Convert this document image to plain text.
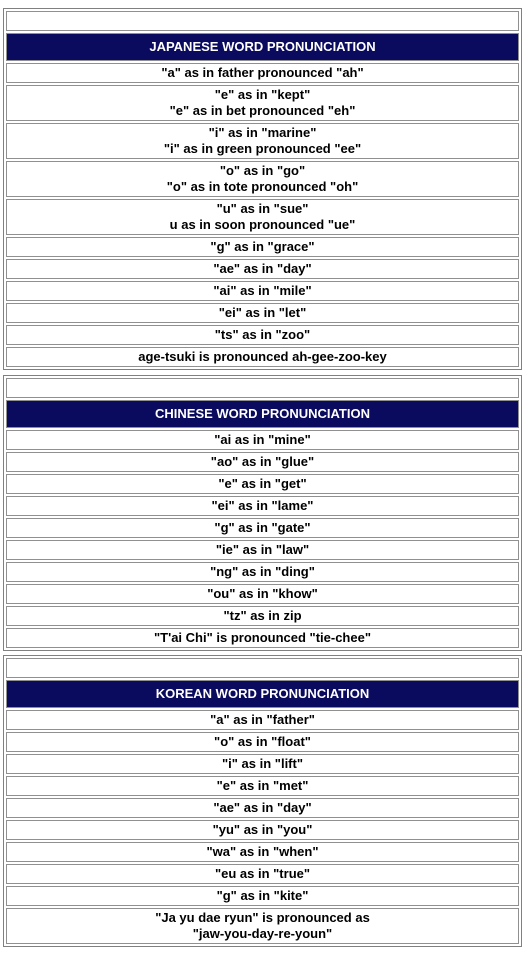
JAPANESE WORD PRONUNCIATION

"a" as in father pronounced "ah"

"e" as in "kept"
"e" as in bet pronounced "eh"

"i" as in "marine"
"i" as in green pronounced "ee"

"o" as in "go"
"o" as in tote pronounced "oh"

"u" as in "sue"
u as in soon pronounced "ue"

"g" as in "grace"

"ae" as in "day"

"ai" as in "mile"

"ei" as in "let"

"ts" as in "zoo"

age-tsuki is pronounced ah-gee-zoo-key

CHINESE WORD PRONUNCIATION

"ai as in "mine"

"ao" as in "glue"

"e" as in "get"

"ei" as in "lame"

"g" as in "gate"

"ie" as in "law"

"ng" as in "ding"

"ou" as in "khow"

"tz" as in zip

"T'ai Chi" is pronounced "tie-chee"

KOREAN WORD PRONUNCIATION

"a" as in "father"

"o" as in "float"

"i" as in "lift"

"e" as in "met"

"ae" as in "day"

"yu" as in "you"

"wa" as in "when"

"eu as in "true"

"g" as in "kite"

"Ja yu dae ryun" is pronounced as
"jaw-you-day-re-youn"
